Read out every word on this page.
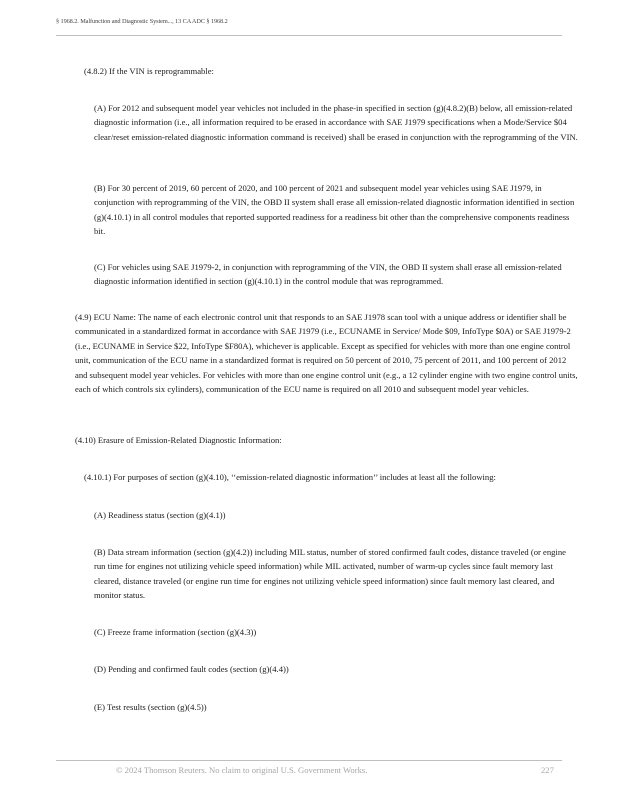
§ 1968.2. Malfunction and Diagnostic System..., 13 CA ADC § 1968.2

(4.8.2) If the VIN is reprogrammable:

(A) For 2012 and subsequent model year vehicles not included in the phase-in specified in section (g)(4.8.2)(B) below, all emission-related diagnostic information (i.e., all information required to be erased in accordance with SAE J1979 specifications when a Mode/Service $04 clear/reset emission-related diagnostic information command is received) shall be erased in conjunction with the reprogramming of the VIN.

(B) For 30 percent of 2019, 60 percent of 2020, and 100 percent of 2021 and subsequent model year vehicles using SAE J1979, in conjunction with reprogramming of the VIN, the OBD II system shall erase all emission-related diagnostic information identified in section (g)(4.10.1) in all control modules that reported supported readiness for a readiness bit other than the comprehensive components readiness bit.

(C) For vehicles using SAE J1979-2, in conjunction with reprogramming of the VIN, the OBD II system shall erase all emission-related diagnostic information identified in section (g)(4.10.1) in the control module that was reprogrammed.

(4.9) ECU Name: The name of each electronic control unit that responds to an SAE J1978 scan tool with a unique address or identifier shall be communicated in a standardized format in accordance with SAE J1979 (i.e., ECUNAME in Service/ Mode $09, InfoType $0A) or SAE J1979-2 (i.e., ECUNAME in Service $22, InfoType $F80A), whichever is applicable. Except as specified for vehicles with more than one engine control unit, communication of the ECU name in a standardized format is required on 50 percent of 2010, 75 percent of 2011, and 100 percent of 2012 and subsequent model year vehicles. For vehicles with more than one engine control unit (e.g., a 12 cylinder engine with two engine control units, each of which controls six cylinders), communication of the ECU name is required on all 2010 and subsequent model year vehicles.

(4.10) Erasure of Emission-Related Diagnostic Information:

(4.10.1) For purposes of section (g)(4.10), ‘‘emission-related diagnostic information’’ includes at least all the following:

(A) Readiness status (section (g)(4.1))

(B) Data stream information (section (g)(4.2)) including MIL status, number of stored confirmed fault codes, distance traveled (or engine run time for engines not utilizing vehicle speed information) while MIL activated, number of warm-up cycles since fault memory last cleared, distance traveled (or engine run time for engines not utilizing vehicle speed information) since fault memory last cleared, and monitor status.

(C) Freeze frame information (section (g)(4.3))

(D) Pending and confirmed fault codes (section (g)(4.4))

(E) Test results (section (g)(4.5))

© 2024 Thomson Reuters. No claim to original U.S. Government Works.	227
